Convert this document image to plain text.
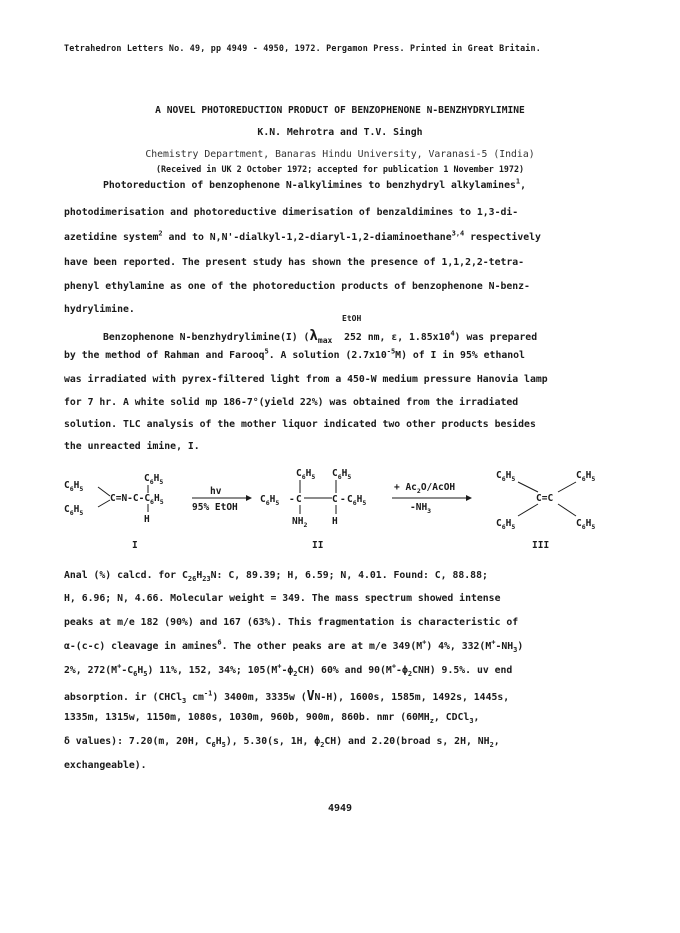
Tetrahedron Letters No. 49, pp 4949 - 4950, 1972. Pergamon Press. Printed in Great Britain.
A NOVEL PHOTOREDUCTION PRODUCT OF BENZOPHENONE N-BENZHYDRYLIMINE
K.N. Mehrotra and T.V. Singh
Chemistry Department, Banaras Hindu University, Varanasi-5 (India)
(Received in UK 2 October 1972; accepted for publication 1 November 1972)
Photoreduction of benzophenone N-alkylimines to benzhydryl alkylamines$^1$,
photodimerisation and photoreductive dimerisation of benzaldimines to 1,3-di-
azetidine system$^2$ and to N,N'-dialkyl-1,2-diaryl-1,2-diaminoethane$^{3,4}$ respectively
have been reported. The present study has shown the presence of 1,1,2,2-tetra-
phenyl ethylamine as one of the photoreduction products of benzophenone N-benz-
hydrylimine.
EtOH
Benzophenone N-benzhydrylimine(I) ($\lambda_{max}$ 252 nm, ε, $1.85x10^4$) was prepared
by the method of Rahman and Farooq$^5$. A solution $(2.7x10^{-5}M)$ of I in 95% ethanol
was irradiated with pyrex-filtered light from a 450-W medium pressure Hanovia lamp
for 7 hr. A white solid mp 186-7°(yield 22%) was obtained from the irradiated
solution. TLC analysis of the mother liquor indicated two other products besides
the unreacted imine, I.
$C_6H_5$
$C_6H_5$
$C=N-C-C_6H_5$
$C_6H_5$
H
I
hv
95% EtOH
$C_6H_5$ $C_6H_5$
$C_6H_5$ - C	C - $C_6H_5$
$NH_2$	H
II
+ $Ac_2O$/AcOH
$-NH_3$
$C_6H_5$	$C_6H_5$
C=C
$C_6H_5$	$C_6H_5$
III
Anal (%) calcd. for $C_{26}H_{23}N$: C, 89.39; H, 6.59; N, 4.01. Found: C, 88.88;
H, 6.96; N, 4.66. Molecular weight = 349. The mass spectrum showed intense
peaks at m/e 182 (90%) and 167 (63%). This fragmentation is characteristic of
α-(c-c) cleavage in amines$^6$. The other peaks are at m/e 349(M+) 4%, $332(M^+-NH_3)$
2%, $272(M^+-C_6H_5)$ 11%, 152, 34%; $105(M^+-\phi_2CH)$ 60% and $90(M^+-\phi_2CNH)$ 9.5%. uv end
absorption. ir (CHCl$_3$ $cm^{-1}$) 3400m, 3335w (VN-H), 1600s, 1585m, 1492s, 1445s,
1335m, 1315w, 1150m, 1080s, 1030m, 960b, 900m, 860b. nmr ($60MH_z$, CDCl$_3$,
δ values): 7.20(m, 20H, $C_6H_5$), 5.30(s, 1H, $\phi_2CH$) and 2.20(broad s, 2H, $NH_2$,
exchangeable).
4949
